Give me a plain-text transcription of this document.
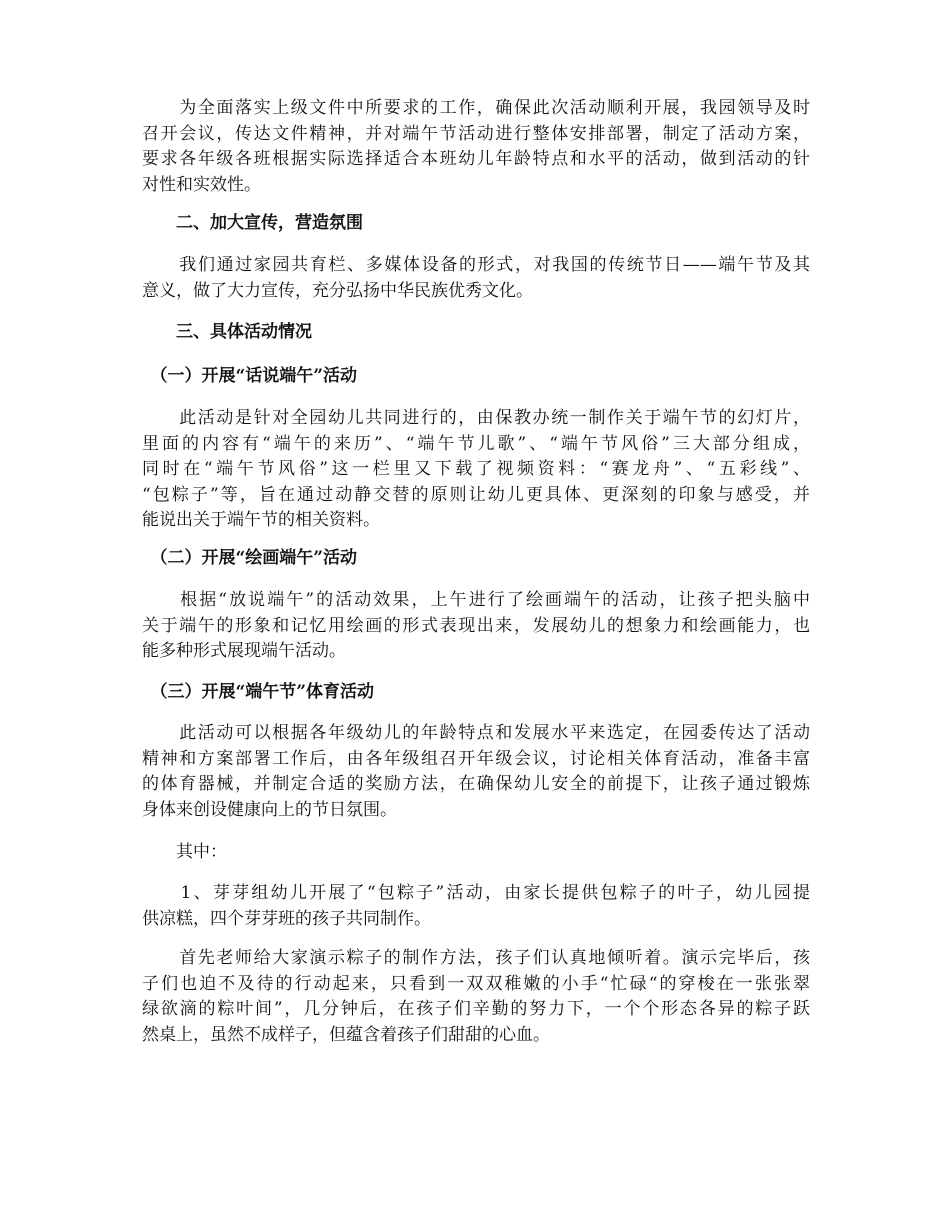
　　为全面落实上级文件中所要求的工作，确保此次活动顺利开展，我园领导及时
召开会议，传达文件精神，并对端午节活动进行整体安排部署，制定了活动方案，
要求各年级各班根据实际选择适合本班幼儿年龄特点和水平的活动，做到活动的针
对性和实效性。
　　二、加大宣传，营造氛围
　　我们通过家园共育栏、多媒体设备的形式，对我国的传统节日——端午节及其
意义，做了大力宣传，充分弘扬中华民族优秀文化。
　　三、具体活动情况
　（一）开展“话说端午”活动
　　此活动是针对全园幼儿共同进行的，由保教办统一制作关于端午节的幻灯片，
里面的内容有“端午的来历”、“端午节儿歌”、“端午节风俗”三大部分组成，
同时在“端午节风俗”这一栏里又下载了视频资料：“赛龙舟”、“五彩线”、
“包粽子”等，旨在通过动静交替的原则让幼儿更具体、更深刻的印象与感受，并
能说出关于端午节的相关资料。
　（二）开展“绘画端午”活动
　　根据“放说端午”的活动效果，上午进行了绘画端午的活动，让孩子把头脑中
关于端午的形象和记忆用绘画的形式表现出来，发展幼儿的想象力和绘画能力，也
能多种形式展现端午活动。
　（三）开展“端午节”体育活动
　　此活动可以根据各年级幼儿的年龄特点和发展水平来选定，在园委传达了活动
精神和方案部署工作后，由各年级组召开年级会议，讨论相关体育活动，准备丰富
的体育器械，并制定合适的奖励方法，在确保幼儿安全的前提下，让孩子通过锻炼
身体来创设健康向上的节日氛围。
　　其中：
　　1、芽芽组幼儿开展了“包粽子”活动，由家长提供包粽子的叶子，幼儿园提
供凉糕，四个芽芽班的孩子共同制作。
　　首先老师给大家演示粽子的制作方法，孩子们认真地倾听着。演示完毕后，孩
子们也迫不及待的行动起来，只看到一双双稚嫩的小手“忙碌“的穿梭在一张张翠
绿欲滴的粽叶间”，几分钟后，在孩子们辛勤的努力下，一个个形态各异的粽子跃
然桌上，虽然不成样子，但蕴含着孩子们甜甜的心血。
